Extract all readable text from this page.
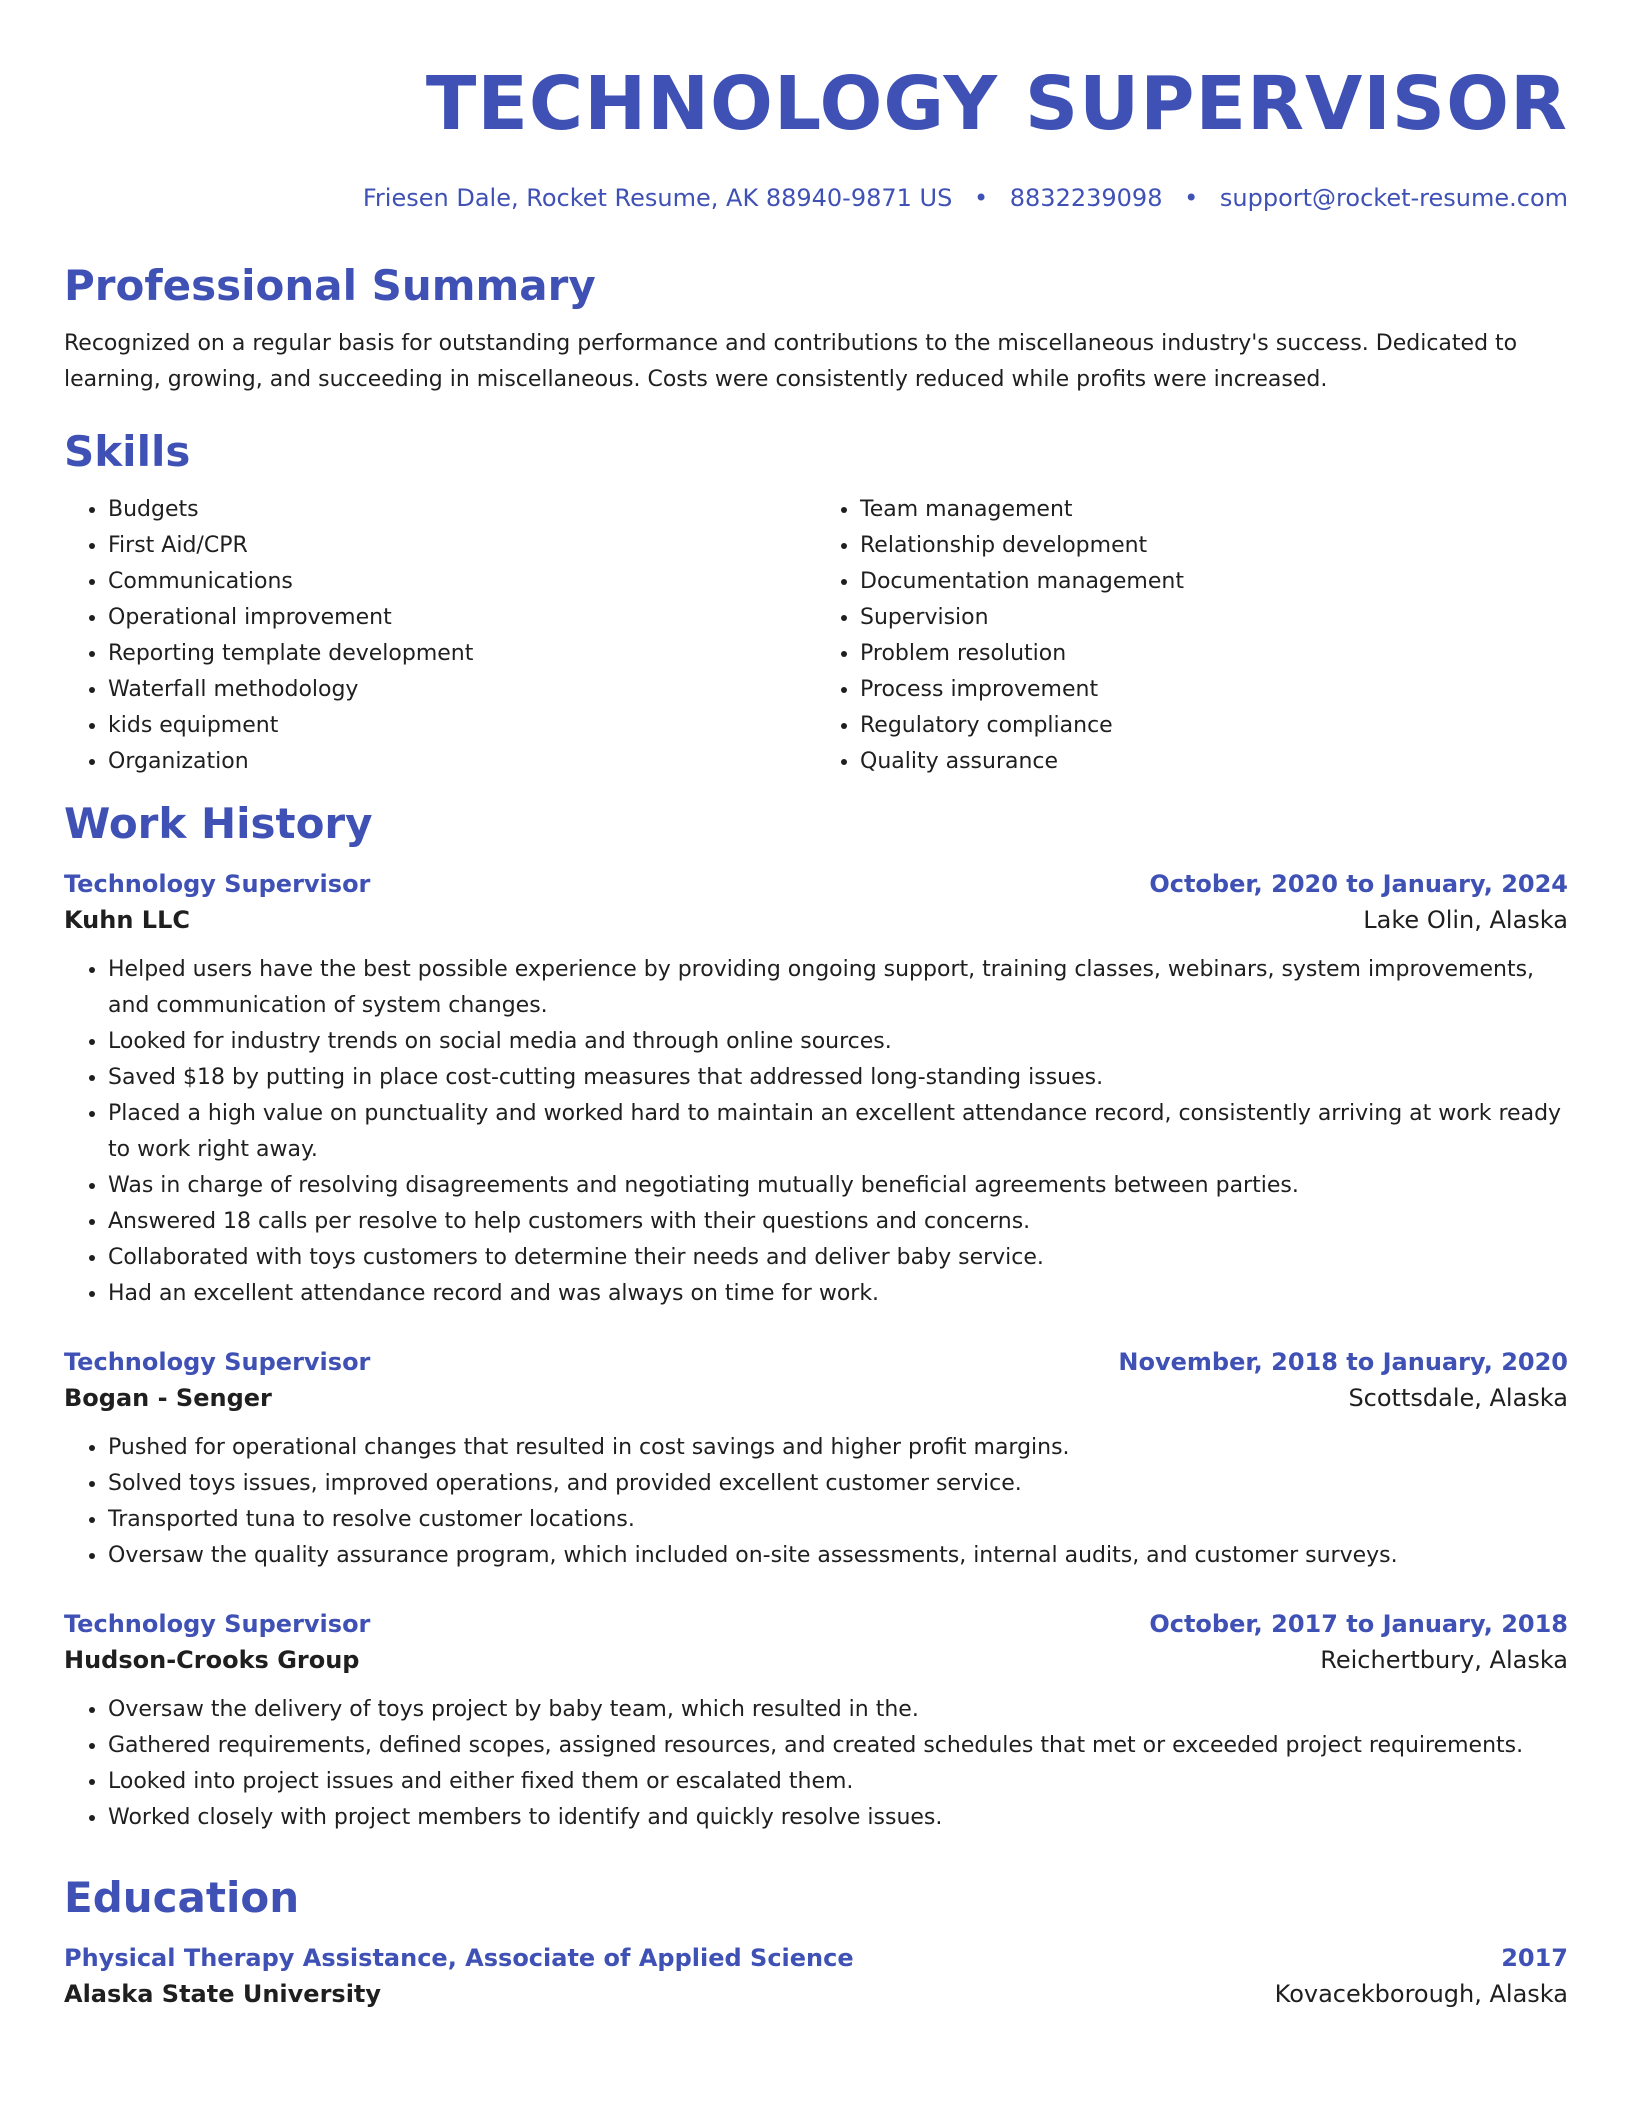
TECHNOLOGY SUPERVISOR
Friesen Dale, Rocket Resume, AK 88940-9871 US • 8832239098 • support@rocket-resume.com
Professional Summary
Recognized on a regular basis for outstanding performance and contributions to the miscellaneous industry's success. Dedicated to learning, growing, and succeeding in miscellaneous. Costs were consistently reduced while profits were increased.
Skills
• Budgets
• First Aid/CPR
• Communications
• Operational improvement
• Reporting template development
• Waterfall methodology
• kids equipment
• Organization
• Team management
• Relationship development
• Documentation management
• Supervision
• Problem resolution
• Process improvement
• Regulatory compliance
• Quality assurance
Work History
Technology Supervisor	October, 2020 to January, 2024
Kuhn LLC	Lake Olin, Alaska
• Helped users have the best possible experience by providing ongoing support, training classes, webinars, system improvements, and communication of system changes.
• Looked for industry trends on social media and through online sources.
• Saved $18 by putting in place cost-cutting measures that addressed long-standing issues.
• Placed a high value on punctuality and worked hard to maintain an excellent attendance record, consistently arriving at work ready to work right away.
• Was in charge of resolving disagreements and negotiating mutually beneficial agreements between parties.
• Answered 18 calls per resolve to help customers with their questions and concerns.
• Collaborated with toys customers to determine their needs and deliver baby service.
• Had an excellent attendance record and was always on time for work.
Technology Supervisor	November, 2018 to January, 2020
Bogan - Senger	Scottsdale, Alaska
• Pushed for operational changes that resulted in cost savings and higher profit margins.
• Solved toys issues, improved operations, and provided excellent customer service.
• Transported tuna to resolve customer locations.
• Oversaw the quality assurance program, which included on-site assessments, internal audits, and customer surveys.
Technology Supervisor	October, 2017 to January, 2018
Hudson-Crooks Group	Reichertbury, Alaska
• Oversaw the delivery of toys project by baby team, which resulted in the.
• Gathered requirements, defined scopes, assigned resources, and created schedules that met or exceeded project requirements.
• Looked into project issues and either fixed them or escalated them.
• Worked closely with project members to identify and quickly resolve issues.
Education
Physical Therapy Assistance, Associate of Applied Science	2017
Alaska State University	Kovacekborough, Alaska
